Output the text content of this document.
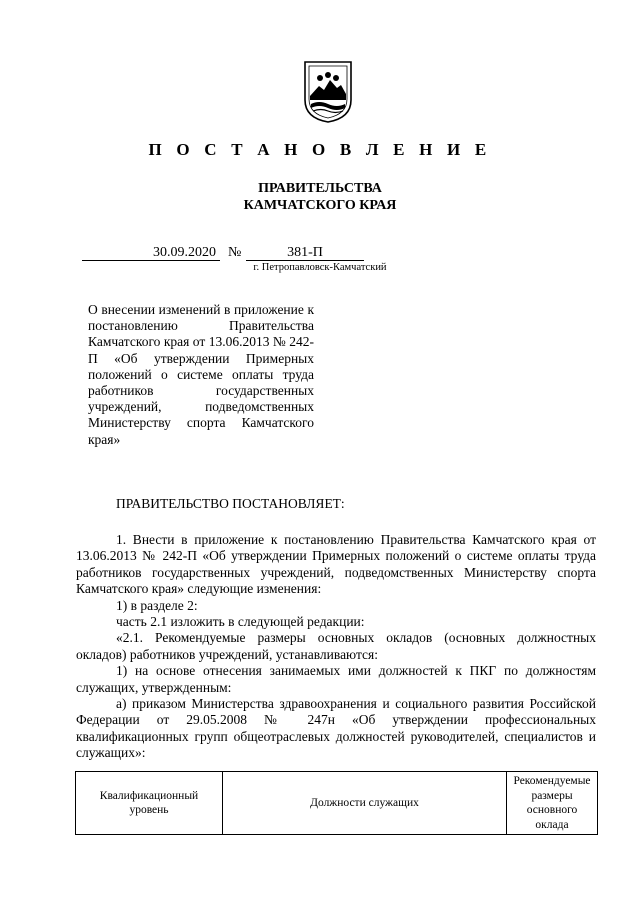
П О С Т А Н О В Л Е Н И Е
ПРАВИТЕЛЬСТВА
КАМЧАТСКОГО КРАЯ
30.09.2020 №	381-П
г. Петропавловск-Камчатский
О внесении изменений в приложение к постановлению Правительства Камчатского края от 13.06.2013 № 242-П «Об утверждении Примерных положений о системе оплаты труда работников государственных учреждений, подведомственных Министерству спорта Камчатского края»
ПРАВИТЕЛЬСТВО ПОСТАНОВЛЯЕТ:
1. Внести в приложение к постановлению Правительства Камчатского края от 13.06.2013 № 242-П «Об утверждении Примерных положений о системе оплаты труда работников государственных учреждений, подведомственных Министерству спорта Камчатского края» следующие изменения:
1) в разделе 2:
часть 2.1 изложить в следующей редакции:
«2.1. Рекомендуемые размеры основных окладов (основных должностных окладов) работников учреждений, устанавливаются:
1) на основе отнесения занимаемых ими должностей к ПКГ по должностям служащих, утвержденным:
а) приказом Министерства здравоохранения и социального развития Российской Федерации от 29.05.2008 № 247н «Об утверждении профессиональных квалификационных групп общеотраслевых должностей руководителей, специалистов и служащих»:
Квалификационный уровень	Должности служащих	Рекомендуемые размеры основного оклада
